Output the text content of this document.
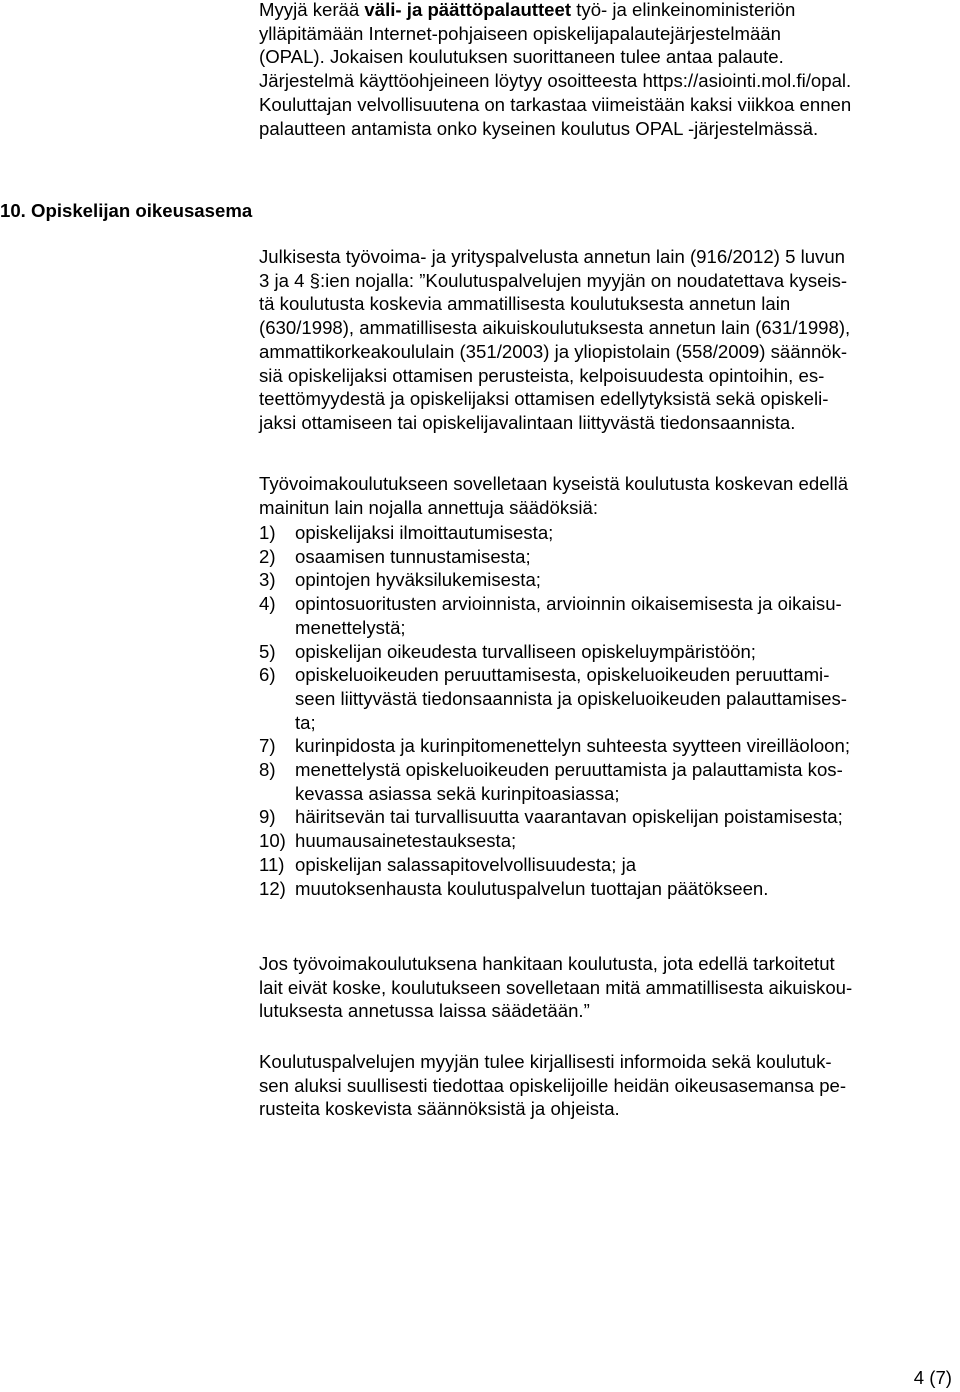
Myyjä kerää väli- ja päättöpalautteet työ- ja elinkeinoministeriön
ylläpitämään Internet-pohjaiseen opiskelijapalautejärjestelmään
(OPAL). Jokaisen koulutuksen suorittaneen tulee antaa palaute.
Järjestelmä käyttöohjeineen löytyy osoitteesta https://asiointi.mol.fi/opal.
Kouluttajan velvollisuutena on tarkastaa viimeistään kaksi viikkoa ennen
palautteen antamista onko kyseinen koulutus OPAL -järjestelmässä.
10. Opiskelijan oikeusasema
Julkisesta työvoima- ja yrityspalvelusta annetun lain (916/2012) 5 luvun
3 ja 4 §:ien nojalla: ”Koulutuspalvelujen myyjän on noudatettava kyseis-
tä koulutusta koskevia ammatillisesta koulutuksesta annetun lain
(630/1998), ammatillisesta aikuiskoulutuksesta annetun lain (631/1998),
ammattikorkeakoululain (351/2003) ja yliopistolain (558/2009) säännök-
siä opiskelijaksi ottamisen perusteista, kelpoisuudesta opintoihin, es-
teettömyydestä ja opiskelijaksi ottamisen edellytyksistä sekä opiskeli-
jaksi ottamiseen tai opiskelijavalintaan liittyvästä tiedonsaannista.
Työvoimakoulutukseen sovelletaan kyseistä koulutusta koskevan edellä
mainitun lain nojalla annettuja säädöksiä:
1) opiskelijaksi ilmoittautumisesta;
2) osaamisen tunnustamisesta;
3) opintojen hyväksilukemisesta;
4) opintosuoritusten arvioinnista, arvioinnin oikaisemisesta ja oikaisu-
menettelystä;
5) opiskelijan oikeudesta turvalliseen opiskeluympäristöön;
6) opiskeluoikeuden peruuttamisesta, opiskeluoikeuden peruuttami-
seen liittyvästä tiedonsaannista ja opiskeluoikeuden palauttamises-
ta;
7) kurinpidosta ja kurinpitomenettelyn suhteesta syytteen vireilläoloon;
8) menettelystä opiskeluoikeuden peruuttamista ja palauttamista kos-
kevassa asiassa sekä kurinpitoasiassa;
9) häiritsevän tai turvallisuutta vaarantavan opiskelijan poistamisesta;
10) huumausainetestauksesta;
11) opiskelijan salassapitovelvollisuudesta; ja
12) muutoksenhausta koulutuspalvelun tuottajan päätökseen.
Jos työvoimakoulutuksena hankitaan koulutusta, jota edellä tarkoitetut
lait eivät koske, koulutukseen sovelletaan mitä ammatillisesta aikuiskou-
lutuksesta annetussa laissa säädetään.”
Koulutuspalvelujen myyjän tulee kirjallisesti informoida sekä koulutuk-
sen aluksi suullisesti tiedottaa opiskelijoille heidän oikeusasemansa pe-
rusteita koskevista säännöksistä ja ohjeista.
4 (7)
